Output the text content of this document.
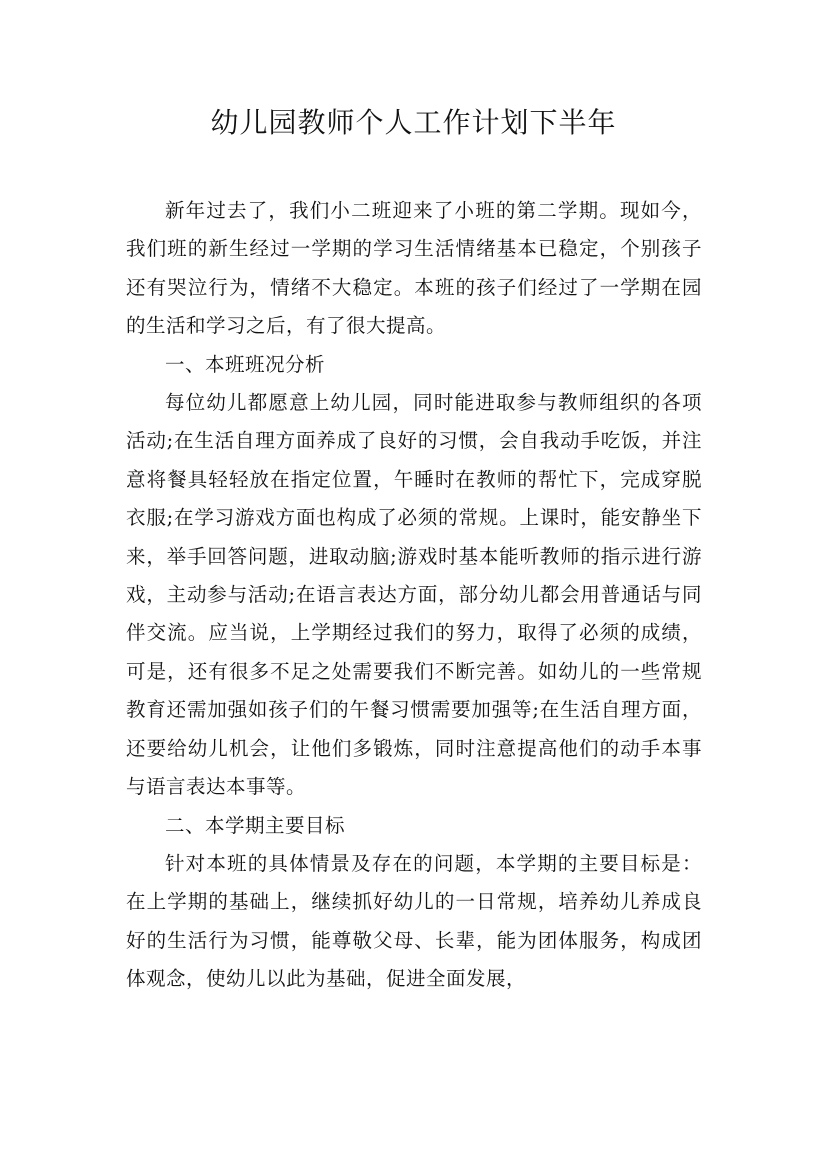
幼儿园教师个人工作计划下半年

新年过去了，我们小二班迎来了小班的第二学期。现如今，我们班的新生经过一学期的学习生活情绪基本已稳定，个别孩子还有哭泣行为，情绪不大稳定。本班的孩子们经过了一学期在园的生活和学习之后，有了很大提高。

一、本班班况分析

每位幼儿都愿意上幼儿园，同时能进取参与教师组织的各项活动;在生活自理方面养成了良好的习惯，会自我动手吃饭，并注意将餐具轻轻放在指定位置，午睡时在教师的帮忙下，完成穿脱衣服;在学习游戏方面也构成了必须的常规。上课时，能安静坐下来，举手回答问题，进取动脑;游戏时基本能听教师的指示进行游戏，主动参与活动;在语言表达方面，部分幼儿都会用普通话与同伴交流。应当说，上学期经过我们的努力，取得了必须的成绩，可是，还有很多不足之处需要我们不断完善。如幼儿的一些常规教育还需加强如孩子们的午餐习惯需要加强等;在生活自理方面，还要给幼儿机会，让他们多锻炼，同时注意提高他们的动手本事与语言表达本事等。

二、本学期主要目标

针对本班的具体情景及存在的问题，本学期的主要目标是：在上学期的基础上，继续抓好幼儿的一日常规，培养幼儿养成良好的生活行为习惯，能尊敬父母、长辈，能为团体服务，构成团体观念，使幼儿以此为基础，促进全面发展，
